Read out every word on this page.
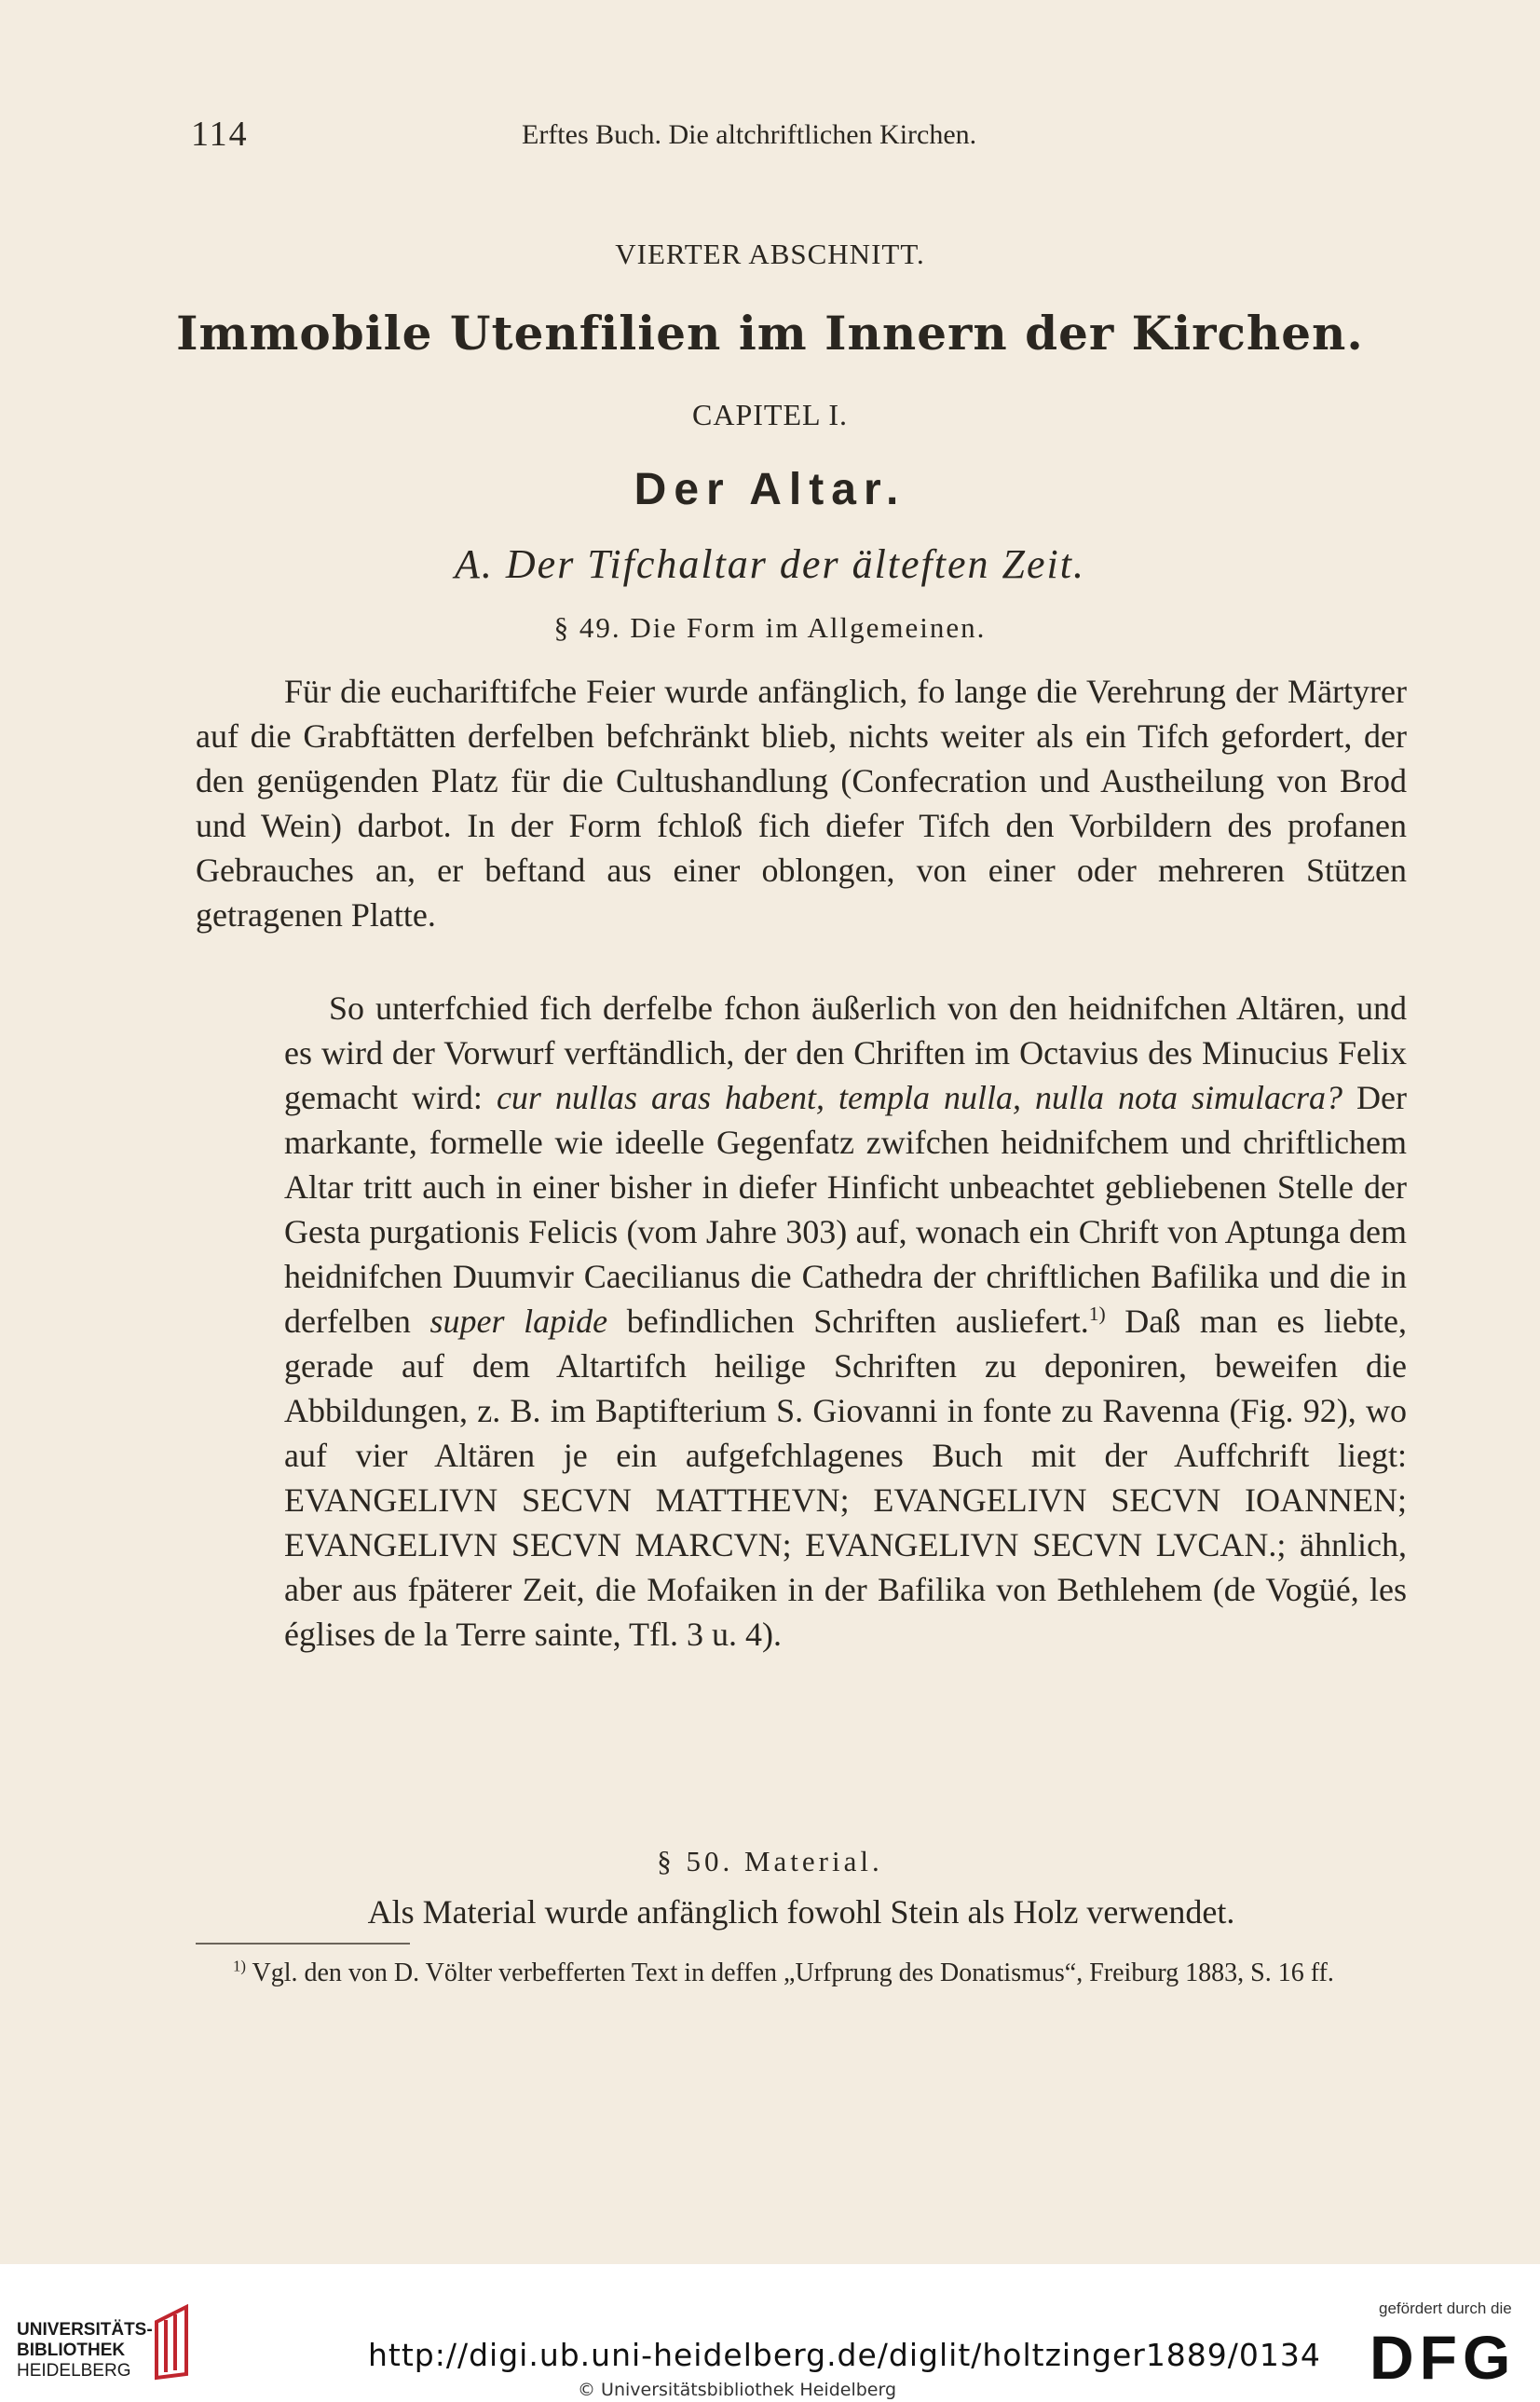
114	Erftes Buch. Die altchriftlichen Kirchen.
VIERTER ABSCHNITT.
Immobile Utenfilien im Innern der Kirchen.
CAPITEL I.
Der Altar.
A. Der Tifchaltar der älteften Zeit.
§ 49. Die Form im Allgemeinen.

Für die euchariftifche Feier wurde anfänglich, fo lange die Verehrung der Märtyrer auf die Grabftätten derfelben befchränkt blieb, nichts weiter als ein Tifch gefordert, der den genügenden Platz für die Cultushandlung (Confecration und Austheilung von Brod und Wein) darbot. In der Form fchloß fich diefer Tifch den Vorbildern des profanen Gebrauches an, er beftand aus einer oblongen, von einer oder mehreren Stützen getragenen Platte.

So unterfchied fich derfelbe fchon äußerlich von den heidnifchen Altären, und es wird der Vorwurf verftändlich, der den Chriften im Octavius des Minucius Felix gemacht wird: cur nullas aras habent, templa nulla, nulla nota simulacra? Der markante, formelle wie ideelle Gegenfatz zwifchen heidnifchem und chriftlichem Altar tritt auch in einer bisher in diefer Hinficht unbeachtet gebliebenen Stelle der Gesta purgationis Felicis (vom Jahre 303) auf, wonach ein Chrift von Aptunga dem heidnifchen Duumvir Caecilianus die Cathedra der chriftlichen Bafilika und die in derfelben super lapide befindlichen Schriften ausliefert.$^{1)}$ Daß man es liebte, gerade auf dem Altartifch heilige Schriften zu deponiren, beweifen die Abbildungen, z. B. im Baptifterium S. Giovanni in fonte zu Ravenna (Fig. 92), wo auf vier Altären je ein aufgefchlagenes Buch mit der Auffchrift liegt: EVANGELIVN SECVN MATTHEVN; EVANGELIVN SECVN IOANNEN; EVANGELIVN SECVN MARCVN; EVANGELIVN SECVN LVCAN.; ähnlich, aber aus fpäterer Zeit, die Mofaiken in der Bafilika von Bethlehem (de Vogüé, les églises de la Terre sainte, Tfl. 3 u. 4).

§ 50. Material.

Als Material wurde anfänglich fowohl Stein als Holz verwendet.

$^{1)}$ Vgl. den von D. Völter verbefferten Text in deffen „Urfprung des Donatismus“, Freiburg 1883, S. 16 ff.
UNIVERSITÄTS-
BIBLIOTHEK
HEIDELBERG	http://digi.ub.uni-heidelberg.de/diglit/holtzinger1889/0134
© Universitätsbibliothek Heidelberg
gefördert durch die
DFG
